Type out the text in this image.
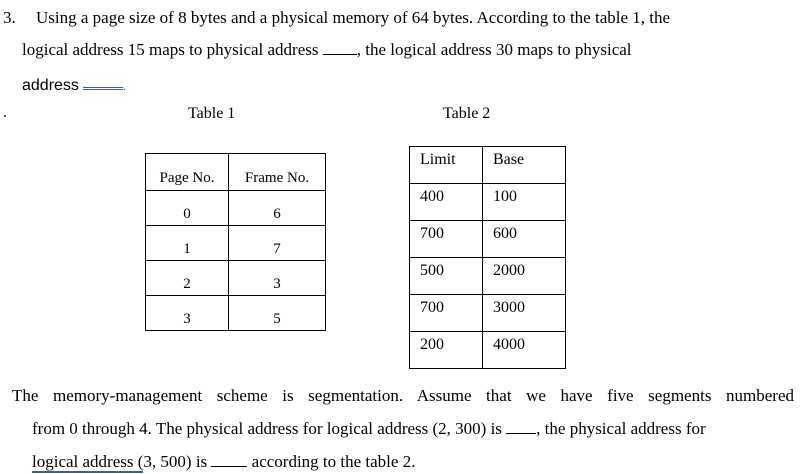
3. Using a page size of 8 bytes and a physical memory of 64 bytes. According to the table 1, the
logical address 15 maps to physical address , the logical address 30 maps to physical
address	.
.	Table 1	Table 2
Page No.	Frame No.
0	6
1	7
2	3
3	5
Limit	Base
400	100
700	600
500	2000
700	3000
200	4000
The memory-management scheme is segmentation. Assume that we have five segments numbered
from 0 through 4. The physical address for logical address (2, 300) is , the physical address for
logical address (3, 500) is	according to the table 2.
